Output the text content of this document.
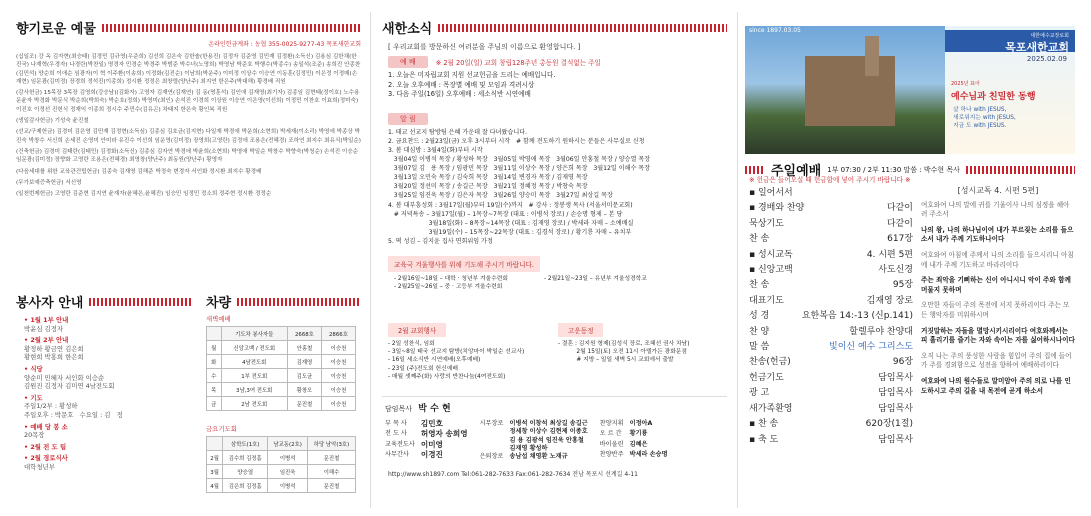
향기로운 예물
온라인헌금계좌 : 농협 355-0025-9277-43 목포새한교회

(십일조) 강 옥 김자현(최승태) 김경민 김규영(우준희) 김선희 김은숙 김한솔(한용진) 김정자 김준영 김민재 김정환(소득신) 김용심 김한채(한진국) 나재혁(우경자) 나경란(박찬일) 명경자 민경순 박경주 박범준 박수녀(노영희) 박영남 박준호 박행수(박종수) 송일석(조준) 송희진 안종찬(김민석) 양순희 이애순 임광자(이 혁 이주환(이송희) 이정화(김진순) 이남희(박운주) 이미정 이상수 이승연 이동훈(김정민) 이은정 이정매(손재현) 임문광(김미정) 장경희 정석진(이종희) 정시환 정정은 최창렬(양난주) 최지연 한은주(박대해) 황경배 직원

(감사헌금) 15목장 3목장 김영희(강승남)(김화자) 고영자 김재연(김재연) 김 동(명훈석) 김인애 김재영(최기자) 김종임 김현태(정이호) 노수용 문윤자 박경화 박문식 박순희(박희숙) 박순호(정희) 박영미(최인) 손석진 이경희 이상원 이승연 이은영(이선희) 이정민 이찬호 이효희(정미숙) 이진호 이정선 진헌식 정재익 이종희 정시수 주민수(김유곤) 차태지 한은숙 황인복 직원

(생일감사헌금) 기성숙 윤진철

(선교/구제헌금) 김경미 김은영 김민재 김정현(소득심) 김종심 김호균(김지현) 다일재 박경애 박운희(소현희) 박세재(이소리) 박영애 박종상 박진숙 박창수 서신희 손세진 손영미 안미라 유진수 이선희 임운영(김미정) 장영희(고영란) 김정애 조용은(전혜경) 조하연 최지수 최유식(박일순)

(건축헌금) 김경미 김태란(김태민) 김정화(소득신) 김종심 김자연 박경애 박윤희(소현희) 박영애 박일순 박창수 박향숙(박청순) 손석진 이승순 임문광(김미정) 장향화 고영란 조용은(전혜경) 최영창(양난주) 최동원(양난주) 황영자

(다음세대를 위한 교육관건립헌금) 김종숙 김재영 김해준 박정숙 변경자 서인화 정시환 최지수 황경배

(무가보예증축헌금) 서신영

(일천번제헌금) 고영란 김준현 김지연 윤재자(윤혜은,윤혜진) 임승민 임정민 정소희 정주현 정시환 정정순

봉사자 안내
• 1월 1부 안내
박윤심 김정자
• 2월 2부 안내
황정하 황금연 김은희
황현희 박홍희 한은희
• 식당
양순미 민혜자 서인화 이승순
김원진 김정자 김미연 4남전도회
• 기도
주일1/2부 : 황성하
주일오후 : 박문호   수요일 : 김   정
• 예배 당 봉 소
20목장
• 2월 전 도 팀
• 2월 경로식사
대학청년부
차량
새벽예배
	기도차 봉사자들	2668호	2866호
월	신앙고백 / 전도회	안홍철	이승천
화	4남전도회	김재영	이승천
수	1부 전도회	김도균	이승천
목	3남,3여 전도회	황창오	이승천
금	2남 전도회	문진철	이승천
금요기도회
	삼학도(1호)	남교동(2호)	하당 남악(3호)
2월	김수희 김정흠	이병석	문진철
3월	양승열	임진욱	이해수
4월	김은희 김정흠	이병석	문진철
새한소식
[ 우리교회를 방문하신 여러분을 주님의 이름으로 환영합니다. ]
예 배	※ 2월 20일(일) 교회 창립128주년 총동원 결석없는 주일
1. 오늘은 미자립교회 지원 선교헌금을 드리는 예배입니다.
2. 오늘 오후예배 : 목장별 예배 및 모임과 격려시상
3. 다음 주일(16일) 오후예배 : 세소식반 시연예배
알 림
1. 태교 선교지 탐방팀 은혜 가운데 잘 다녀왔습니다.
2. 금요찬드 : 2월23일(금) 오후 3시부터 시작   # 함께 전도하기 원하시는 분들은 사무실로 신청
3. 봄 대심방 : 3월4일(화)부터 시작
3월04일 이병석 목장 / 황성하 목장   3월05일 박영애 목장   3월06일 안홍철 목장 / 양승열 목장
3월07일 김   용 목장 / 임광민 목장   3월11일 이상수 목장 / 양은희 목장   3월12일 이해수 목장
3월13일 오민숙 목장 / 김숙희 목장   3월14일 변경자 목장 / 김재영 목장
3월20일 정선미 목장 / 송길근 목장   3월21일 정혜정 목장 / 박창숙 목장
3월25일 임진욱 목장 / 김은자 목장   3월26일 양승미 목장   3월27일 최상길 목장
4. 봄 대부흥성회 : 3월17일(월)부터 19일(수)까지   # 강사 : 정봉생 목사 (서울서미문교회)
# 저녁특송 – 3월17일(월) – 1목장~7목장 (대표 : 이병석 장로) / 손승명 형제 – 본 당
3월18일(화) – 8목장~14목장 (대표 : 김재영 장로) / 박세라 자매 – 소예배실
3월19일(수) – 15목장~22목장 (대표 : 김경석 장로) / 황기룡 자매 – 유치부
5. 떡 성김 – 김지윤 집사 면회위임 가정
교육국 겨울행사를 위해 기도해 주시기 바랍니다.
- 2월16일~18일 – 대학 · 청년부 겨울수련회	- 2월21일~23일 – 유년부 겨울성경학교
- 2월25일~26일 – 중 · 고등부 겨울수련회
2월 교회행사
- 2일 성찬식, 임회
- 3일~8일 태국 선교지 탐방(치앙마이 박일순 선교사)
- 16일 세소식반 시연예배(오후예배)
- 23일 (주)전도회 헌신예배
- 매월 셋째주(화) 사랑의 반찬나눔(4여전도회)
고운동정
- 결혼 : 김지원 형제(김성식 장로, 조혜선 권사 차남)
2월 15일(토) 오전 11시 아델가든 광화문점
# 지방 – 일일 새벽 5시 교회에서 출발
담임목사 박 수 현
부 목 사	김민호
전 도 사	허영자 송희영
교육전도사	이미영
사무간사	이경진
시무장로	이병석 이창석 최상길 송길근
정세창 이상수 김현제 이종호
김 용 김광석 임진욱 안홍철
김재영 황성하

은퇴장로	송남섭 채영환 노재규
찬양지휘	이정아A
오 르 간	황기룡
바이올린	김혜은
찬양반주	박세라 손승명
http://www.sh1897.com Tel:061-282-7633 Fax:061-282-7634 전남 목포시 선계길 4-11
since 1897.03.05
대한예수교장로회
목포새한교회
2025.02.09
2025년 표어
예수님과 친밀한 동행
살 하나 with JESUS,
새로워지는 with JESUS,
지금 도 with JESUS.
주일예배 1부 07:30 / 2부 11:30 말씀 : 박수현 목사
※ 헌금은 들어오실 때 헌금함에 넣어 주시기 바랍니다 ※
▪ 일어서서
▪ 경배와 찬양	다같이
묵상기도	다같이
찬 송	617장
▪ 성시교독	4. 시편 5편
▪ 신앙고백	사도신경
찬 송	95장
대표기도	김재영 장로
성 경	요한복음 14:-13 (신p.141)
찬 양	할렐루야 찬양대
말 씀	빛이신 예수 그리스도
찬송(헌금)	96장
헌금기도	담임목사
광 고	담임목사
새가족환영	담임목사
▪ 찬 송	620장(1절)
▪ 축 도	담임목사
[성시교독 4. 시편 5편]

여호와여 나의 말에 귀를 기울이사 나의 심정을 헤아려 주소서

나의 왕, 나의 하나님이여 내가 부르짖는 소리를 들으소서 내가 주께 기도하나이다

여호와여 아침에 주께서 나의 소리를 들으시리니 아침에 내가 주께 기도하고 바라리이다

주는 죄악을 기뻐하는 신이 아니시니 악이 주와 함께 머물지 못하며

오만한 자들이 주의 목전에 서지 못하리이다 주는 모든 행악자를 미워하시며

거짓말하는 자들을 멸망시키시리이다 여호와께서는 피 흘리기를 즐기는 자와 속이는 자를 싫어하시나이다

오직 나는 주의 풍성한 사랑을 힘입어 주의 집에 들어가 주를 경외함으로 성전을 향하여 예배하리이다

여호와여 나의 원수들로 말미암아 주의 의로 나를 인도하시고 주의 길을 내 목전에 곧게 하소서
